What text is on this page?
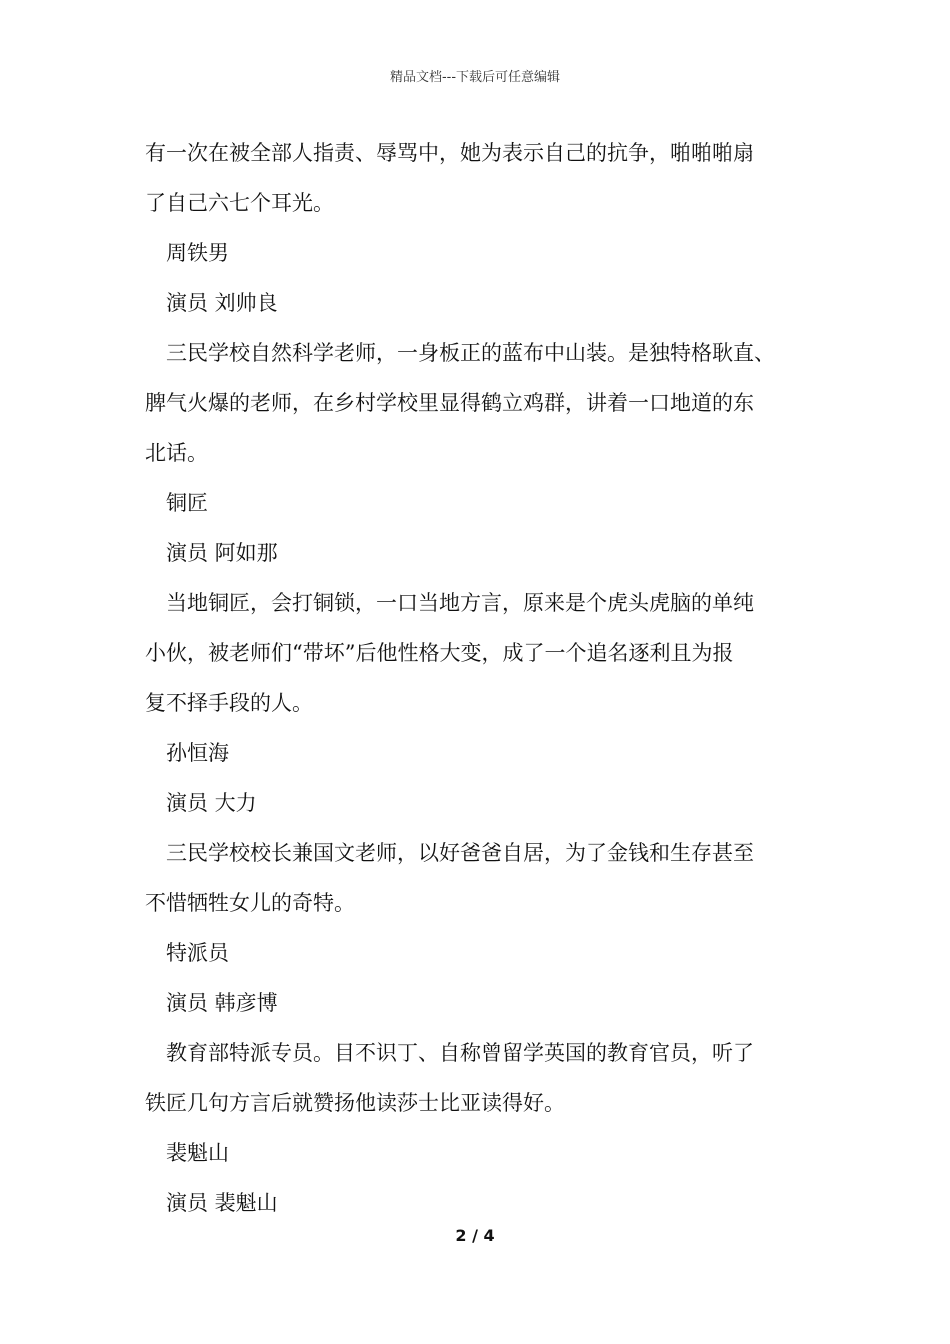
精品文档---下载后可任意编辑
有一次在被全部人指责、辱骂中，她为表示自己的抗争，啪啪啪扇
了自己六七个耳光。
周铁男
演员 刘帅良
三民学校自然科学老师，一身板正的蓝布中山装。是独特格耿直、
脾气火爆的老师，在乡村学校里显得鹤立鸡群，讲着一口地道的东
北话。
铜匠
演员 阿如那
当地铜匠，会打铜锁，一口当地方言，原来是个虎头虎脑的单纯
小伙，被老师们“带坏”后他性格大变，成了一个追名逐利且为报
复不择手段的人。
孙恒海
演员 大力
三民学校校长兼国文老师，以好爸爸自居，为了金钱和生存甚至
不惜牺牲女儿的奇特。
特派员
演员 韩彦博
教育部特派专员。目不识丁、自称曾留学英国的教育官员，听了
铁匠几句方言后就赞扬他读莎士比亚读得好。
裴魁山
演员 裴魁山
2 / 4
